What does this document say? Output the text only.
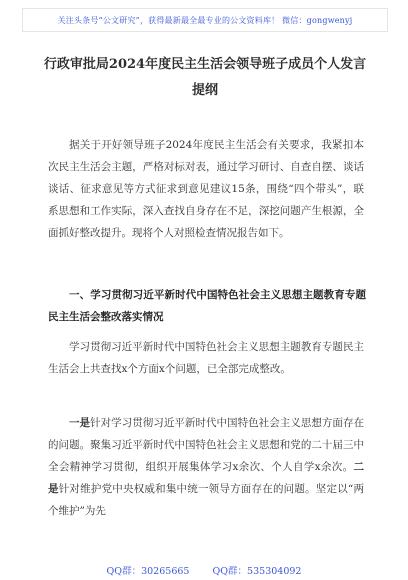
关注头条号“公文研究”，获得最新最全最专业的公文资料库！ 微信：gongwenyj
行政审批局2024年度民主生活会领导班子成员个人发言提纲
据关于开好领导班子2024年度民主生活会有关要求，我紧扣本次民主生活会主题，严格对标对表，通过学习研讨、自查自摆、谈话谈话、征求意见等方式征求到意见建议15条，围绕“四个带头”，联系思想和工作实际，深入查找自身存在不足，深挖问题产生根源，全面抓好整改提升。现将个人对照检查情况报告如下。
一、学习贯彻习近平新时代中国特色社会主义思想主题教育专题民主生活会整改落实情况
学习贯彻习近平新时代中国特色社会主义思想主题教育专题民主生活会上共查找x个方面x个问题，已全部完成整改。
一是针对学习贯彻习近平新时代中国特色社会主义思想方面存在的问题。聚集习近平新时代中国特色社会主义思想和党的二十届三中全会精神学习贯彻，组织开展集体学习x余次、个人自学x余次。二是针对维护党中央权威和集中统一领导方面存在的问题。坚定以“两个维护”为先
QQ群：30265665 QQ群：535304092
